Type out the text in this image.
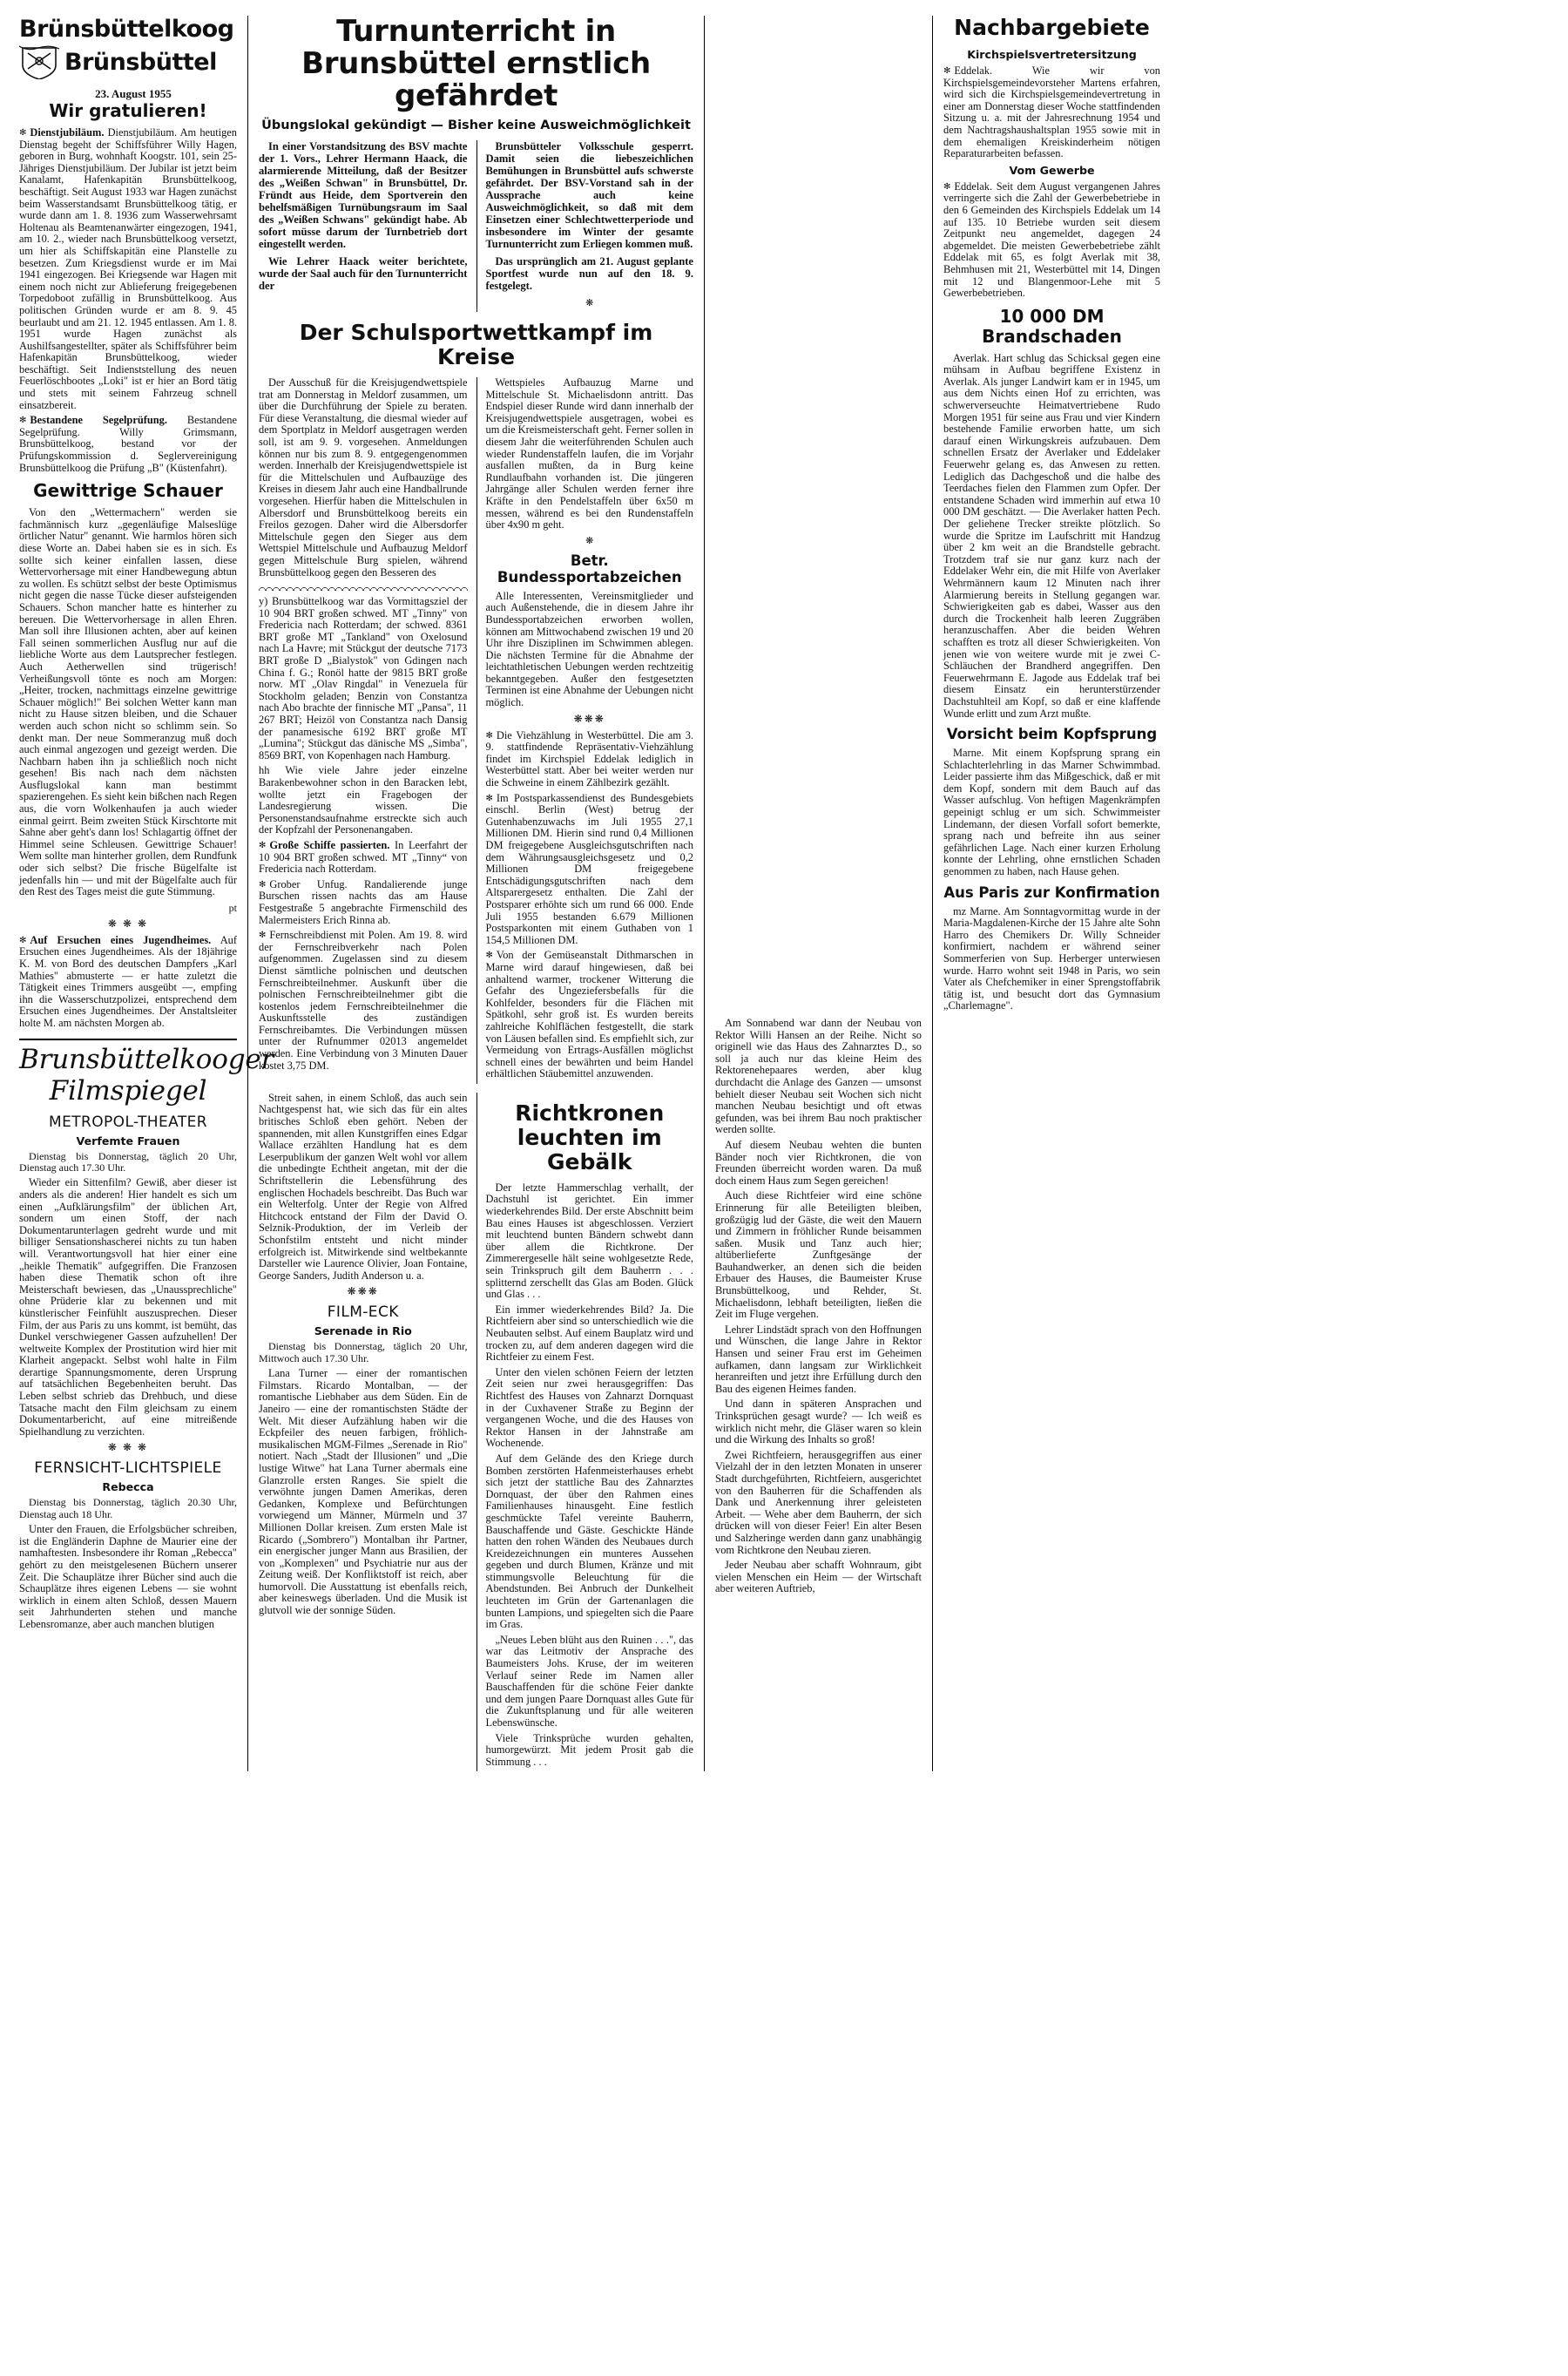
Brünsbüttelkoog
Brünsbüttel
23. August 1955
Wir gratulieren!

✻ Dienstjubiläum. Dienstjubiläum. Am heutigen Dienstag begeht der Schiffsführer Willy Hagen, geboren in Burg, wohnhaft Koogstr. 101, sein 25-Jähriges Dienstjubiläum. Der Jubilar ist jetzt beim Kanalamt, Hafenkapitän Brunsbüttelkoog, beschäftigt. Seit August 1933 war Hagen zunächst beim Wasserstandsamt Brunsbüttelkoog tätig, er wurde dann am 1. 8. 1936 zum Wasserwehrsamt Holtenau als Beamtenanwärter eingezogen, 1941, am 10. 2., wieder nach Brunsbüttelkoog versetzt, um hier als Schiffskapitän eine Planstelle zu besetzen. Zum Kriegsdienst wurde er im Mai 1941 eingezogen. Bei Kriegsende war Hagen mit einem noch nicht zur Ablieferung freigegebenen Torpedoboot zufällig in Brunsbüttelkoog. Aus politischen Gründen wurde er am 8. 9. 45 beurlaubt und am 21. 12. 1945 entlassen. Am 1. 8. 1951 wurde Hagen zunächst als Aushilfsangestellter, später als Schiffsführer beim Hafenkapitän Brunsbüttelkoog, wieder beschäftigt. Seit Indienststellung des neuen Feuerlöschbootes „Loki" ist er hier an Bord tätig und stets mit seinem Fahrzeug schnell einsatzbereit.

✻ Bestandene Segelprüfung. Bestandene Segelprüfung. Willy Grimsmann, Brunsbüttelkoog, bestand vor der Prüfungskommission d. Seglervereinigung Brunsbüttelkoog die Prüfung „B" (Küstenfahrt).

Gewittrige Schauer

Von den „Wettermachern" werden sie fachmännisch kurz „gegenläufige Malseslüge örtlicher Natur" genannt. Wie harmlos hören sich diese Worte an. Dabei haben sie es in sich. Es sollte sich keiner einfallen lassen, diese Wettervorhersage mit einer Handbewegung abtun zu wollen. Es schützt selbst der beste Optimismus nicht gegen die nasse Tücke dieser aufsteigenden Schauers. Schon mancher hatte es hinterher zu bereuen. Die Wettervorhersage in allen Ehren. Man soll ihre Illusionen achten, aber auf keinen Fall seinen sommerlichen Ausflug nur auf die liebliche Worte aus dem Lautsprecher festlegen. Auch Aetherwellen sind trügerisch! Verheißungsvoll tönte es noch am Morgen: „Heiter, trocken, nachmittags einzelne gewittrige Schauer möglich!" Bei solchen Wetter kann man nicht zu Hause sitzen bleiben, und die Schauer werden auch schon nicht so schlimm sein. So denkt man. Der neue Sommeranzug muß doch auch einmal angezogen und gezeigt werden. Die Nachbarn haben ihn ja schließlich noch nicht gesehen! Bis nach nach dem nächsten Ausflugslokal kann man bestimmt spazierengehen. Es sieht kein bißchen nach Regen aus, die vorn Wolkenhaufen ja auch wieder einmal geirrt. Beim zweiten Stück Kirschtorte mit Sahne aber geht's dann los! Schlagartig öffnet der Himmel seine Schleusen. Gewittrige Schauer! Wem sollte man hinterher grollen, dem Rundfunk oder sich selbst? Die frische Bügelfalte ist jedenfalls hin — und mit der Bügelfalte auch für den Rest des Tages meist die gute Stimmung.

pt
❋ ❋ ❋

✻ Auf Ersuchen eines Jugendheimes. Auf Ersuchen eines Jugendheimes. Als der 18jährige K. M. von Bord des deutschen Dampfers „Karl Mathies" abmusterte — er hatte zuletzt die Tätigkeit eines Trimmers ausgeübt —, empfing ihn die Wasserschutzpolizei, entsprechend dem Ersuchen eines Jugendheimes. Der Anstaltsleiter holte M. am nächsten Morgen ab.

Brunsbüttelkooger Filmspiegel
METROPOL-THEATER
Verfemte Frauen

Dienstag bis Donnerstag, täglich 20 Uhr, Dienstag auch 17.30 Uhr.

Wieder ein Sittenfilm? Gewiß, aber dieser ist anders als die anderen! Hier handelt es sich um einen „Aufklärungsfilm" der üblichen Art, sondern um einen Stoff, der nach Dokumentarunterlagen gedreht wurde und mit billiger Sensationshascherei nichts zu tun haben will. Verantwortungsvoll hat hier einer eine „heikle Thematik" aufgegriffen. Die Franzosen haben diese Thematik schon oft ihre Meisterschaft bewiesen, das „Unaussprechliche" ohne Prüderie klar zu bekennen und mit künstlerischer Feinfühlt auszusprechen. Dieser Film, der aus Paris zu uns kommt, ist bemüht, das Dunkel verschwiegener Gassen aufzuhellen! Der weltweite Komplex der Prostitution wird hier mit Klarheit angepackt. Selbst wohl halte in Film derartige Spannungsmomente, deren Ursprung auf tatsächlichen Begebenheiten beruht. Das Leben selbst schrieb das Drehbuch, und diese Tatsache macht den Film gleichsam zu einem Dokumentarbericht, auf eine mitreißende Spielhandlung zu verzichten.

❋ ❋ ❋
FERNSICHT-LICHTSPIELE
Rebecca

Dienstag bis Donnerstag, täglich 20.30 Uhr, Dienstag auch 18 Uhr.

Unter den Frauen, die Erfolgsbücher schreiben, ist die Engländerin Daphne de Maurier eine der namhaftesten. Insbesondere ihr Roman „Rebecca" gehört zu den meistgelesenen Büchern unserer Zeit. Die Schauplätze ihrer Bücher sind auch die Schauplätze ihres eigenen Lebens — sie wohnt wirklich in einem alten Schloß, dessen Mauern seit Jahrhunderten stehen und manche Lebensromanze, aber auch manchen blutigen

Turnunterricht in Brunsbüttel ernstlich gefährdet
Übungslokal gekündigt — Bisher keine Ausweichmöglichkeit

In einer Vorstandsitzung des BSV machte der 1. Vors., Lehrer Hermann Haack, die alarmierende Mitteilung, daß der Besitzer des „Weißen Schwan" in Brunsbüttel, Dr. Fründt aus Heide, dem Sportverein den behelfsmäßigen Turnübungsraum im Saal des „Weißen Schwans" gekündigt habe. Ab sofort müsse darum der Turnbetrieb dort eingestellt werden.

Wie Lehrer Haack weiter berichtete, wurde der Saal auch für den Turnunterricht der

Brunsbütteler Volksschule gesperrt. Damit seien die liebeszeichlichen Bemühungen in Brunsbüttel aufs schwerste gefährdet. Der BSV-Vorstand sah in der Aussprache auch keine Ausweichmöglichkeit, so daß mit dem Einsetzen einer Schlechtwetterperiode und insbesondere im Winter der gesamte Turnunterricht zum Erliegen kommen muß.

Das ursprünglich am 21. August geplante Sportfest wurde nun auf den 18. 9. festgelegt.

❋
Der Schulsportwettkampf im Kreise

Der Ausschuß für die Kreisjugendwettspiele trat am Donnerstag in Meldorf zusammen, um über die Durchführung der Spiele zu beraten. Für diese Veranstaltung, die diesmal wieder auf dem Sportplatz in Meldorf ausgetragen werden soll, ist am 9. 9. vorgesehen. Anmeldungen können nur bis zum 8. 9. entgegengenommen werden. Innerhalb der Kreisjugendwettspiele ist für die Mittelschulen und Aufbauzüge des Kreises in diesem Jahr auch eine Handballrunde vorgesehen. Hierfür haben die Mittelschulen in Albersdorf und Brunsbüttelkoog bereits ein Freilos gezogen. Daher wird die Albersdorfer Mittelschule gegen den Sieger aus dem Wettspiel Mittelschule und Aufbauzug Meldorf gegen Mittelschule Burg spielen, während Brunsbüttelkoog gegen den Besseren des

y) Brunsbüttelkoog war das Vormittagsziel der 10 904 BRT großen schwed. MT „Tinny" von Fredericia nach Rotterdam; der schwed. 8361 BRT große MT „Tankland" von Oxelosund nach La Havre; mit Stückgut der deutsche 7173 BRT große D „Bialystok" von Gdingen nach China f. G.; Ronöl hatte der 9815 BRT große norw. MT „Olav Ringdal" in Venezuela für Stockholm geladen; Benzin von Constantza nach Abo brachte der finnische MT „Pansa", 11 267 BRT; Heizöl von Constantza nach Dansig der panamesische 6192 BRT große MT „Lumina"; Stückgut das dänische MS „Simba", 8569 BRT, von Kopenhagen nach Hamburg.

hh Wie viele Jahre jeder einzelne Barakenbewohner schon in den Baracken lebt, wollte jetzt ein Fragebogen der Landesregierung wissen. Die Personenstandsaufnahme erstreckte sich auch der Kopfzahl der Personenangaben.

✻ Große Schiffe passierten. In Leerfahrt der 10 904 BRT großen schwed. MT „Tinny“ von Fredericia nach Rotterdam.

✻ Grober Unfug. Randalierende junge Burschen rissen nachts das am Hause Festgestraße 5 angebrachte Firmenschild des Malermeisters Erich Rinna ab.

✻ Fernschreibdienst mit Polen. Am 19. 8. wird der Fernschreibverkehr nach Polen aufgenommen. Zugelassen sind zu diesem Dienst sämtliche polnischen und deutschen Fernschreibteilnehmer. Auskunft über die polnischen Fernschreibteilnehmer gibt die kostenlos jedem Fernschreibteilnehmer die Auskunftsstelle des zuständigen Fernschreibamtes. Die Verbindungen müssen unter der Rufnummer 02013 angemeldet werden. Eine Verbindung von 3 Minuten Dauer kostet 3,75 DM.

Wettspieles Aufbauzug Marne und Mittelschule St. Michaelisdonn antritt. Das Endspiel dieser Runde wird dann innerhalb der Kreisjugendwettspiele ausgetragen, wobei es um die Kreismeisterschaft geht. Ferner sollen in diesem Jahr die weiterführenden Schulen auch wieder Rundenstaffeln laufen, die im Vorjahr ausfallen mußten, da in Burg keine Rundlaufbahn vorhanden ist. Die jüngeren Jahrgänge aller Schulen werden ferner ihre Kräfte in den Pendelstaffeln über 6x50 m messen, während es bei den Rundenstaffeln über 4x90 m geht.

❋
Betr. Bundessportabzeichen

Alle Interessenten, Vereinsmitglieder und auch Außenstehende, die in diesem Jahre ihr Bundessportabzeichen erworben wollen, können am Mittwochabend zwischen 19 und 20 Uhr ihre Disziplinen im Schwimmen ablegen. Die nächsten Termine für die Abnahme der leichtathletischen Uebungen werden rechtzeitig bekanntgegeben. Außer den festgesetzten Terminen ist eine Abnahme der Uebungen nicht möglich.

❋❋❋

✻ Die Viehzählung in Westerbüttel. Die am 3. 9. stattfindende Repräsentativ-Viehzählung findet im Kirchspiel Eddelak lediglich in Westerbüttel statt. Aber bei weiter werden nur die Schweine in einem Zählbezirk gezählt.

✻ Im Postsparkassendienst des Bundesgebiets einschl. Berlin (West) betrug der Gutenhabenzuwachs im Juli 1955 27,1 Millionen DM. Hierin sind rund 0,4 Millionen DM freigegebene Ausgleichsgutschriften nach dem Währungsausgleichsgesetz und 0,2 Millionen DM freigegebene Entschädigungsgutschriften nach dem Altsparergesetz enthalten. Die Zahl der Postsparer erhöhte sich um rund 66 000. Ende Juli 1955 bestanden 6.679 Millionen Postsparkonten mit einem Guthaben von 1 154,5 Millionen DM.

✻ Von der Gemüseanstalt Dithmarschen in Marne wird darauf hingewiesen, daß bei anhaltend warmer, trockener Witterung die Gefahr des Ungeziefersbefalls für die Kohlfelder, besonders für die Flächen mit Spätkohl, sehr groß ist. Es wurden bereits zahlreiche Kohlflächen festgestellt, die stark von Läusen befallen sind. Es empfiehlt sich, zur Vermeidung von Ertrags-Ausfällen möglichst schnell eines der bewährten und beim Handel erhältlichen Stäubemittel anzuwenden.

Streit sahen, in einem Schloß, das auch sein Nachtgespenst hat, wie sich das für ein altes britisches Schloß eben gehört. Neben der spannenden, mit allen Kunstgriffen eines Edgar Wallace erzählten Handlung hat es dem Leserpublikum der ganzen Welt wohl vor allem die unbedingte Echtheit angetan, mit der die Schriftstellerin die Lebensführung des englischen Hochadels beschreibt. Das Buch war ein Welterfolg. Unter der Regie von Alfred Hitchcock entstand der Film der David O. Selznik-Produktion, der im Verleib der Schonfstilm entsteht und nicht minder erfolgreich ist. Mitwirkende sind weltbekannte Darsteller wie Laurence Olivier, Joan Fontaine, George Sanders, Judith Anderson u. a.

❋❋❋
FILM-ECK
Serenade in Rio

Dienstag bis Donnerstag, täglich 20 Uhr, Mittwoch auch 17.30 Uhr.

Lana Turner — einer der romantischen Filmstars. Ricardo Montalban, — der romantische Liebhaber aus dem Süden. Ein de Janeiro — eine der romantischsten Städte der Welt. Mit dieser Aufzählung haben wir die Eckpfeiler des neuen farbigen, fröhlich-musikalischen MGM-Filmes „Serenade in Rio" notiert. Nach „Stadt der Illusionen" und „Die lustige Witwe" hat Lana Turner abermals eine Glanzrolle ersten Ranges. Sie spielt die verwöhnte jungen Damen Amerikas, deren Gedanken, Komplexe und Befürchtungen vorwiegend um Männer, Mürmeln und 37 Millionen Dollar kreisen. Zum ersten Male ist Ricardo („Sombrero") Montalban ihr Partner, ein energischer junger Mann aus Brasilien, der von „Komplexen" und Psychiatrie nur aus der Zeitung weiß. Der Konfliktstoff ist reich, aber humorvoll. Die Ausstattung ist ebenfalls reich, aber keineswegs überladen. Und die Musik ist glutvoll wie der sonnige Süden.

Richtkronen leuchten im Gebälk

Der letzte Hammerschlag verhallt, der Dachstuhl ist gerichtet. Ein immer wiederkehrendes Bild. Der erste Abschnitt beim Bau eines Hauses ist abgeschlossen. Verziert mit leuchtend bunten Bändern schwebt dann über allem die Richtkrone. Der Zimmerergeselle hält seine wohlgesetzte Rede, sein Trinkspruch gilt dem Bauherrn . . . splitternd zerschellt das Glas am Boden. Glück und Glas . . .

Ein immer wiederkehrendes Bild? Ja. Die Richtfeiern aber sind so unterschiedlich wie die Neubauten selbst. Auf einem Bauplatz wird und trocken zu, auf dem anderen dagegen wird die Richtfeier zu einem Fest.

Unter den vielen schönen Feiern der letzten Zeit seien nur zwei herausgegriffen: Das Richtfest des Hauses von Zahnarzt Dornquast in der Cuxhavener Straße zu Beginn der vergangenen Woche, und die des Hauses von Rektor Hansen in der Jahnstraße am Wochenende.

Auf dem Gelände des den Kriege durch Bomben zerstörten Hafenmeisterhauses erhebt sich jetzt der stattliche Bau des Zahnarztes Dornquast, der über den Rahmen eines Familienhauses hinausgeht. Eine festlich geschmückte Tafel vereinte Bauherrn, Bauschaffende und Gäste. Geschickte Hände hatten den rohen Wänden des Neubaues durch Kreidezeichnungen ein munteres Aussehen gegeben und durch Blumen, Kränze und mit stimmungsvolle Beleuchtung für die Abendstunden. Bei Anbruch der Dunkelheit leuchteten im Grün der Gartenanlagen die bunten Lampions, und spiegelten sich die Paare im Gras.

„Neues Leben blüht aus den Ruinen . . .", das war das Leitmotiv der Ansprache des Baumeisters Johs. Kruse, der im weiteren Verlauf seiner Rede im Namen aller Bauschaffenden für die schöne Feier dankte und dem jungen Paare Dornquast alles Gute für die Zukunftsplanung und für alle weiteren Lebenswünsche.

Viele Trinksprüche wurden gehalten, humorgewürzt. Mit jedem Prosit gab die Stimmung . . .

Am Sonnabend war dann der Neubau von Rektor Willi Hansen an der Reihe. Nicht so originell wie das Haus des Zahnarztes D., so soll ja auch nur das kleine Heim des Rektorenehepaares werden, aber klug durchdacht die Anlage des Ganzen — umsonst behielt dieser Neubau seit Wochen sich nicht manchen Neubau besichtigt und oft etwas gefunden, was bei ihrem Bau noch praktischer werden sollte.

Auf diesem Neubau wehten die bunten Bänder noch vier Richtkronen, die von Freunden überreicht worden waren. Da muß doch einem Haus zum Segen gereichen!

Auch diese Richtfeier wird eine schöne Erinnerung für alle Beteiligten bleiben, großzügig lud der Gäste, die weit den Mauern und Zimmern in fröhlicher Runde beisammen saßen. Musik und Tanz auch hier; altüberlieferte Zunftgesänge der Bauhandwerker, an denen sich die beiden Erbauer des Hauses, die Baumeister Kruse Brunsbüttelkoog, und Rehder, St. Michaelisdonn, lebhaft beteiligten, ließen die Zeit im Fluge vergehen.

Lehrer Lindstädt sprach von den Hoffnungen und Wünschen, die lange Jahre in Rektor Hansen und seiner Frau erst im Geheimen aufkamen, dann langsam zur Wirklichkeit heranreiften und jetzt ihre Erfüllung durch den Bau des eigenen Heimes fanden.

Und dann in späteren Ansprachen und Trinksprüchen gesagt wurde? — Ich weiß es wirklich nicht mehr, die Gläser waren so klein und die Wirkung des Inhalts so groß!

Zwei Richtfeiern, herausgegriffen aus einer Vielzahl der in den letzten Monaten in unserer Stadt durchgeführten, Richtfeiern, ausgerichtet von den Bauherren für die Schaffenden als Dank und Anerkennung ihrer geleisteten Arbeit. — Wehe aber dem Bauherrn, der sich drücken will von dieser Feier! Ein alter Besen und Salzheringe werden dann ganz unabhängig vom Richtkrone den Neubau zieren.

Jeder Neubau aber schafft Wohnraum, gibt vielen Menschen ein Heim — der Wirtschaft aber weiteren Auftrieb,

Nachbargebiete
Kirchspielsvertretersitzung

✻ Eddelak. Wie wir von Kirchspielsgemeindevorsteher Martens erfahren, wird sich die Kirchspielsgemeindevertretung in einer am Donnerstag dieser Woche stattfindenden Sitzung u. a. mit der Jahresrechnung 1954 und dem Nachtragshaushaltsplan 1955 sowie mit in dem ehemaligen Kreiskinderheim nötigen Reparaturarbeiten befassen.

Vom Gewerbe

✻ Eddelak. Seit dem August vergangenen Jahres verringerte sich die Zahl der Gewerbebetriebe in den 6 Gemeinden des Kirchspiels Eddelak um 14 auf 135. 10 Betriebe wurden seit diesem Zeitpunkt neu angemeldet, dagegen 24 abgemeldet. Die meisten Gewerbebetriebe zählt Eddelak mit 65, es folgt Averlak mit 38, Behmhusen mit 21, Westerbüttel mit 14, Dingen mit 12 und Blangenmoor-Lehe mit 5 Gewerbebetrieben.

10 000 DM Brandschaden

Averlak. Hart schlug das Schicksal gegen eine mühsam in Aufbau begriffene Existenz in Averlak. Als junger Landwirt kam er in 1945, um aus dem Nichts einen Hof zu errichten, was schwerverseuchte Heimatvertriebene Rudo Morgen 1951 für seine aus Frau und vier Kindern bestehende Familie erworben hatte, um sich darauf einen Wirkungskreis aufzubauen. Dem schnellen Ersatz der Averlaker und Eddelaker Feuerwehr gelang es, das Anwesen zu retten. Lediglich das Dachgeschoß und die halbe des Teerdaches fielen den Flammen zum Opfer. Der entstandene Schaden wird immerhin auf etwa 10 000 DM geschätzt. — Die Averlaker hatten Pech. Der geliehene Trecker streikte plötzlich. So wurde die Spritze im Laufschritt mit Handzug über 2 km weit an die Brandstelle gebracht. Trotzdem traf sie nur ganz kurz nach der Eddelaker Wehr ein, die mit Hilfe von Averlaker Wehrmännern kaum 12 Minuten nach ihrer Alarmierung bereits in Stellung gegangen war. Schwierigkeiten gab es dabei, Wasser aus den durch die Trockenheit halb leeren Zuggräben heranzuschaffen. Aber die beiden Wehren schafften es trotz all dieser Schwierigkeiten. Von jenen wie von weitere wurde mit je zwei C-Schläuchen der Brandherd angegriffen. Den Feuerwehrmann E. Jagode aus Eddelak traf bei diesem Einsatz ein herunterstürzender Dachstuhlteil am Kopf, so daß er eine klaffende Wunde erlitt und zum Arzt mußte.

Vorsicht beim Kopfsprung

Marne. Mit einem Kopfsprung sprang ein Schlachterlehrling in das Marner Schwimmbad. Leider passierte ihm das Mißgeschick, daß er mit dem Kopf, sondern mit dem Bauch auf das Wasser aufschlug. Von heftigen Magenkrämpfen gepeinigt schlug er um sich. Schwimmeister Lindemann, der diesen Vorfall sofort bemerkte, sprang nach und befreite ihn aus seiner gefährlichen Lage. Nach einer kurzen Erholung konnte der Lehrling, ohne ernstlichen Schaden genommen zu haben, nach Hause gehen.

Aus Paris zur Konfirmation

mz Marne. Am Sonntagvormittag wurde in der Maria-Magdalenen-Kirche der 15 Jahre alte Sohn Harro des Chemikers Dr. Willy Schneider konfirmiert, nachdem er während seiner Sommerferien von Sup. Herberger unterwiesen wurde. Harro wohnt seit 1948 in Paris, wo sein Vater als Chefchemiker in einer Sprengstoffabrik tätig ist, und besucht dort das Gymnasium „Charlemagne".
